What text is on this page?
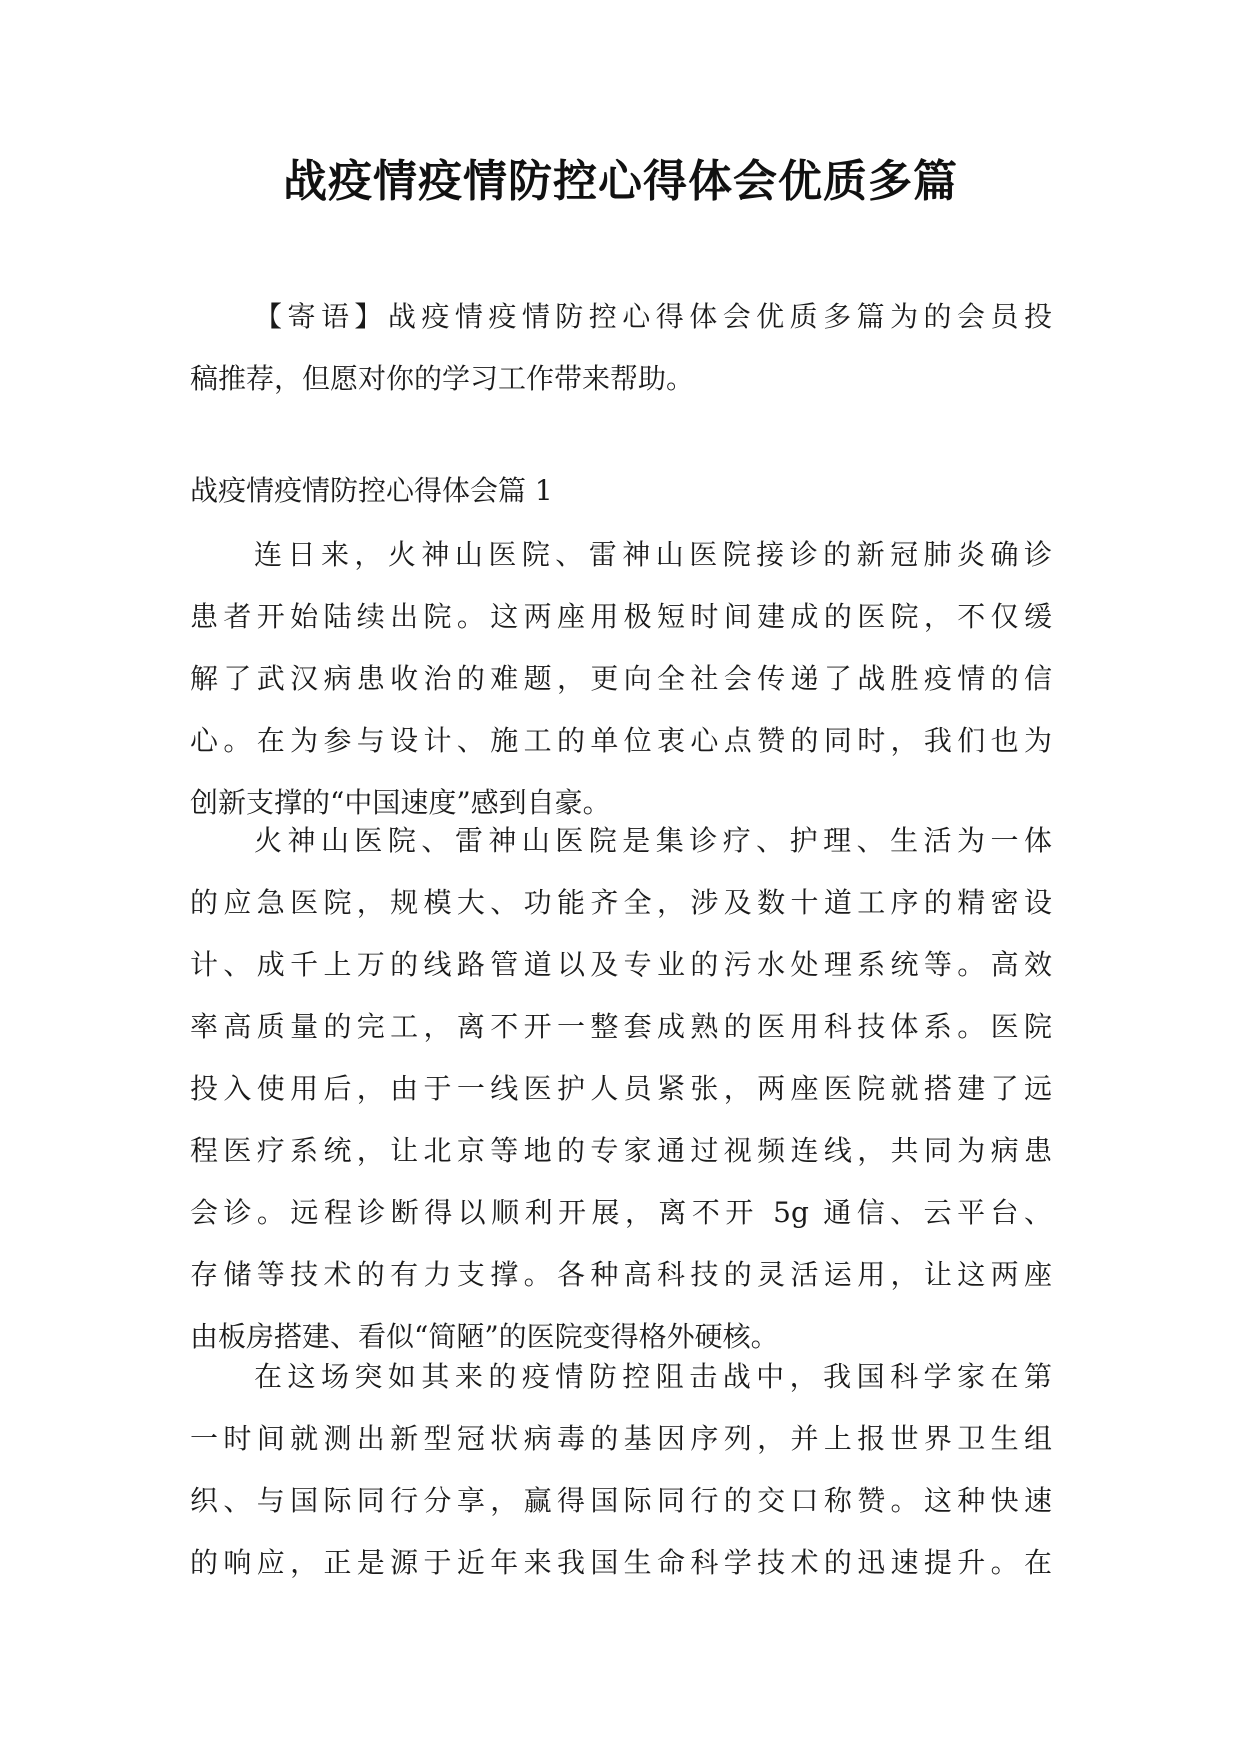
战疫情疫情防控心得体会优质多篇
【寄语】战疫情疫情防控心得体会优质多篇为的会员投
稿推荐，但愿对你的学习工作带来帮助。
战疫情疫情防控心得体会篇 1
连日来，火神山医院、雷神山医院接诊的新冠肺炎确诊
患者开始陆续出院。这两座用极短时间建成的医院，不仅缓
解了武汉病患收治的难题，更向全社会传递了战胜疫情的信
心。在为参与设计、施工的单位衷心点赞的同时，我们也为
创新支撑的“中国速度”感到自豪。
火神山医院、雷神山医院是集诊疗、护理、生活为一体
的应急医院，规模大、功能齐全，涉及数十道工序的精密设
计、成千上万的线路管道以及专业的污水处理系统等。高效
率高质量的完工，离不开一整套成熟的医用科技体系。医院
投入使用后，由于一线医护人员紧张，两座医院就搭建了远
程医疗系统，让北京等地的专家通过视频连线，共同为病患
会诊。远程诊断得以顺利开展，离不开 5g 通信、云平台、
存储等技术的有力支撑。各种高科技的灵活运用，让这两座
由板房搭建、看似“简陋”的医院变得格外硬核。
在这场突如其来的疫情防控阻击战中，我国科学家在第
一时间就测出新型冠状病毒的基因序列，并上报世界卫生组
织、与国际同行分享，赢得国际同行的交口称赞。这种快速
的响应，正是源于近年来我国生命科学技术的迅速提升。在
